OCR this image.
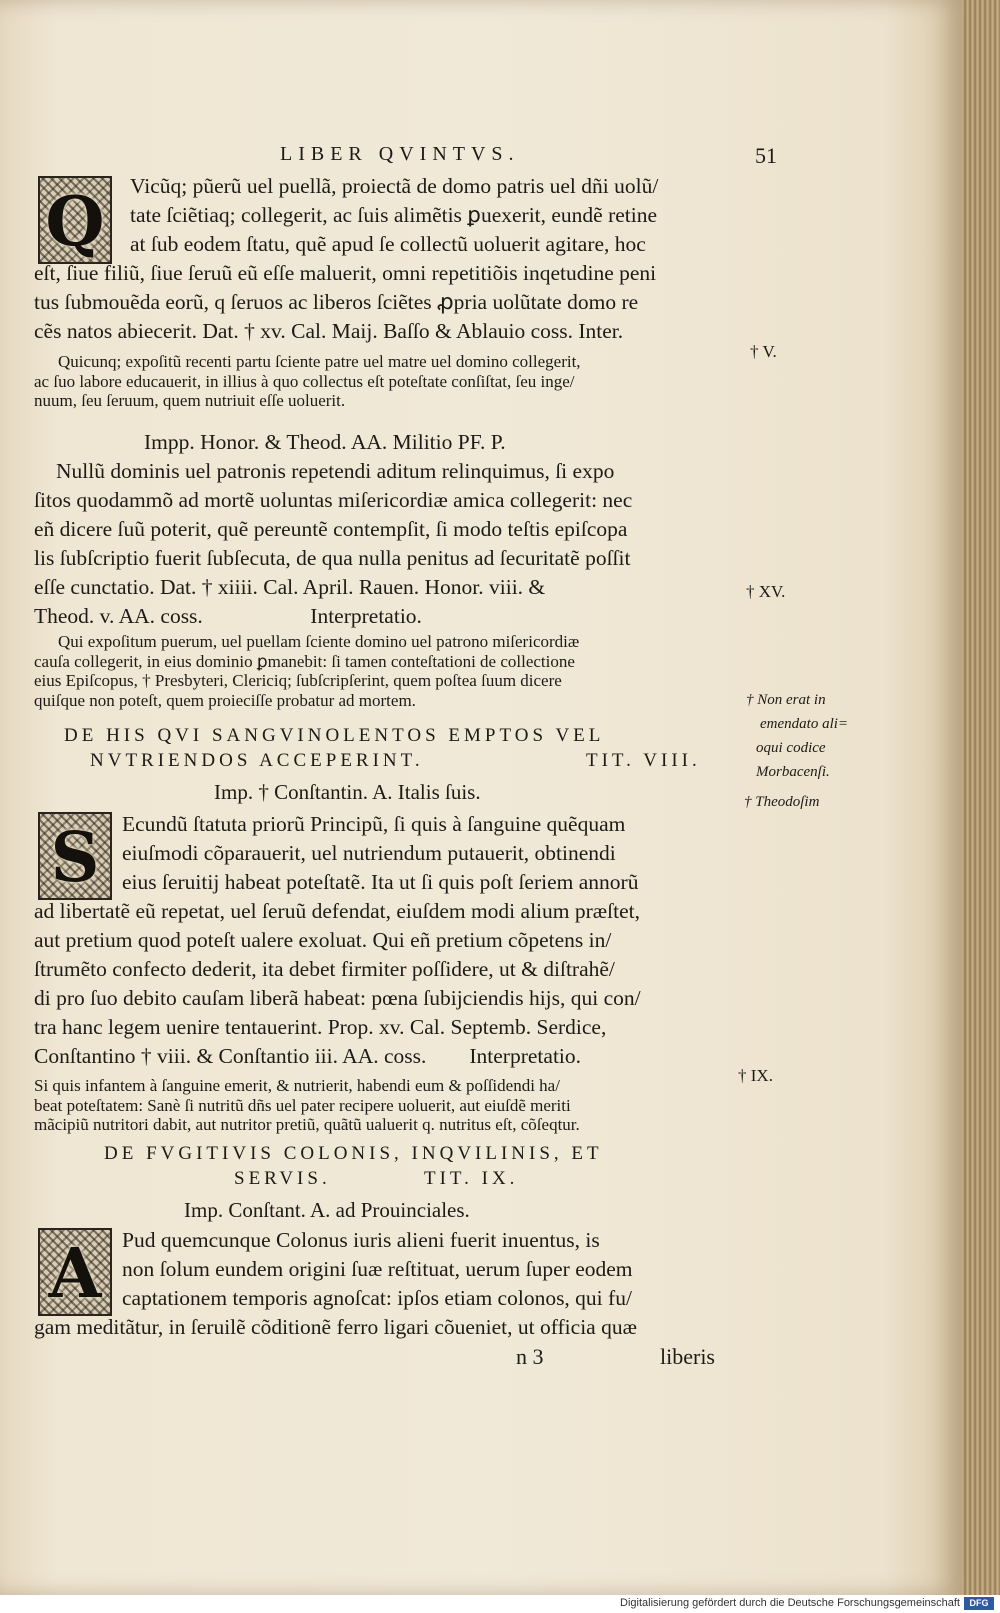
LIBER QVINTVS.	51
Q	Vicũq; pũerũ uel puellã, proiectã de domo patris uel dñi uolũ/
tate ſciẽtiaq; collegerit, ac ſuis alimẽtis ꝑuexerit, eundẽ retine
at ſub eodem ſtatu, quẽ apud ſe collectũ uoluerit agitare, hoc
eſt, ſiue filiũ, ſiue ſeruũ eũ eſſe maluerit, omni repetitiõis inqetudine peni
tus ſubmouẽda eorũ, q ſeruos ac liberos ſciẽtes ꝓpria uolũtate domo re
cẽs natos abiecerit. Dat. † xv. Cal. Maij. Baſſo & Ablauio coss. Inter.
Quicunq; expoſitũ recenti partu ſciente patre uel matre uel domino collegerit,
ac ſuo labore educauerit, in illius à quo collectus eſt poteſtate conſiſtat, ſeu inge/
nuum, ſeu ſeruum, quem nutriuit eſſe uoluerit.
Impp. Honor. & Theod. AA. Militio PF. P.
Nullũ dominis uel patronis repetendi aditum relinquimus, ſi expo
ſitos quodammõ ad mortẽ uoluntas miſericordiæ amica collegerit: nec
eñ dicere ſuũ poterit, quẽ pereuntẽ contempſit, ſi modo teſtis epiſcopa
lis ſubſcriptio fuerit ſubſecuta, de qua nulla penitus ad ſecuritatẽ poſſit
eſſe cunctatio. Dat. † xiiii. Cal. April. Rauen. Honor. viii. &
Theod. v. AA. coss.                    Interpretatio.
Qui expoſitum puerum, uel puellam ſciente domino uel patrono miſericordiæ
cauſa collegerit, in eius dominio ꝑmanebit: ſi tamen conteſtationi de collectione
eius Epiſcopus, † Presbyteri, Clericiq; ſubſcripſerint, quem poſtea ſuum dicere
quiſque non poteſt, quem proieciſſe probatur ad mortem.
DE HIS QVI SANGVINOLENTOS EMPTOS VEL
NVTRIENDOS ACCEPERINT.	TIT. VIII.
Imp. † Conſtantin. A. Italis ſuis.
S	Ecundũ ſtatuta priorũ Principũ, ſi quis à ſanguine quẽquam
eiuſmodi cõparauerit, uel nutriendum putauerit, obtinendi
eius ſeruitij habeat poteſtatẽ. Ita ut ſi quis poſt ſeriem annorũ
ad libertatẽ eũ repetat, uel ſeruũ defendat, eiuſdem modi alium præſtet,
aut pretium quod poteſt ualere exoluat. Qui eñ pretium cõpetens in/
ſtrumẽto confecto dederit, ita debet firmiter poſſidere, ut & diſtrahẽ/
di pro ſuo debito cauſam liberã habeat: pœna ſubijciendis hijs, qui con/
tra hanc legem uenire tentauerint. Prop. xv. Cal. Septemb. Serdice,
Conſtantino † viii. & Conſtantio iii. AA. coss.        Interpretatio.
Si quis infantem à ſanguine emerit, & nutrierit, habendi eum & poſſidendi ha/
beat poteſtatem: Sanè ſi nutritũ dñs uel pater recipere uoluerit, aut eiuſdẽ meriti
mãcipiũ nutritori dabit, aut nutritor pretiũ, quãtũ ualuerit q. nutritus eſt, cõſeqtur.
DE FVGITIVIS COLONIS, INQVILINIS, ET
SERVIS.	TIT. IX.
Imp. Conſtant. A. ad Prouinciales.
A Pud quemcunque Colonus iuris alieni fuerit inuentus, is
non ſolum eundem origini ſuæ reſtituat, uerum ſuper eodem
captationem temporis agnoſcat: ipſos etiam colonos, qui fu/
gam meditãtur, in ſeruilẽ cõditionẽ ferro ligari cõueniet, ut officia quæ
n 3	liberis
† V.
† XV.
† Non erat in
emendato ali=
oqui codice
Morbacenſi.
† Theodoſim
† IX.
Digitalisierung gefördert durch die Deutsche Forschungsgemeinschaft	DFG
